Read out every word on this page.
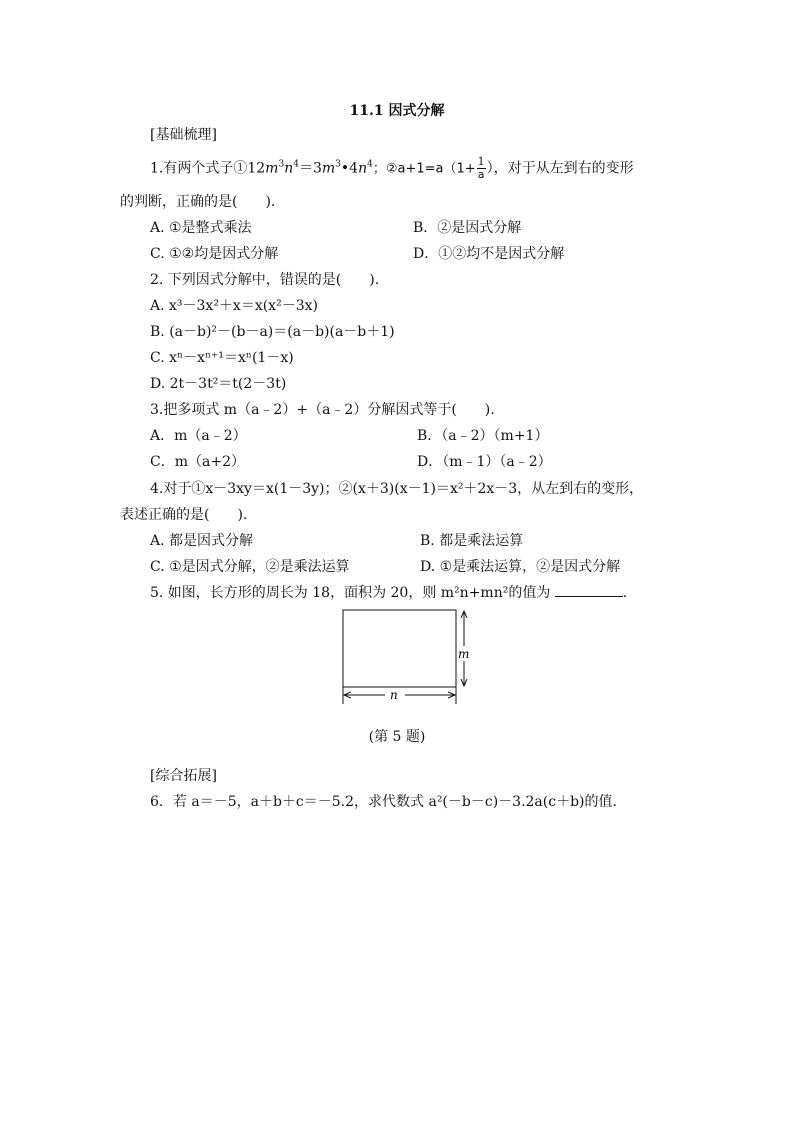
11.1 因式分解
[基础梳理]
1.有两个式子$①12m^3n^4=3m^3•4n^4$；②a+1=a（1+ $\frac{1}{a}$ ），对于从左到右的变形
的判断，正确的是(　　).
A. ①是整式乘法	B．②是因式分解
C. ①②均是因式分解	D．①②均不是因式分解
2. 下列因式分解中，错误的是(　　).
A. x³－3x²＋x＝x(x²－3x)
B. (a－b)²－(b－a)＝(a－b)(a－b＋1)
C. xⁿ－xⁿ⁺¹＝xⁿ(1－x)
D. 2t－3t²＝t(2－3t)
3.把多项式 m（a﹣2）+（a﹣2）分解因式等于(　　).
A．m（a﹣2）	B．（a﹣2）（m+1）
C．m（a+2）	D．（m﹣1）（a﹣2）
4.对于①x－3xy＝x(1－3y)；②(x＋3)(x－1)＝x²＋2x－3，从左到右的变形，
表述正确的是(　　).
A. 都是因式分解	B. 都是乘法运算
C. ①是因式分解，②是乘法运算	D. ①是乘法运算，②是因式分解
5. 如图，长方形的周长为 18，面积为 20，则 m²n+mn²的值为	.
m
n
(第 5 题)
[综合拓展]
6．若 a＝－5，a＋b＋c＝－5.2，求代数式 a²(－b－c)－3.2a(c＋b)的值.
